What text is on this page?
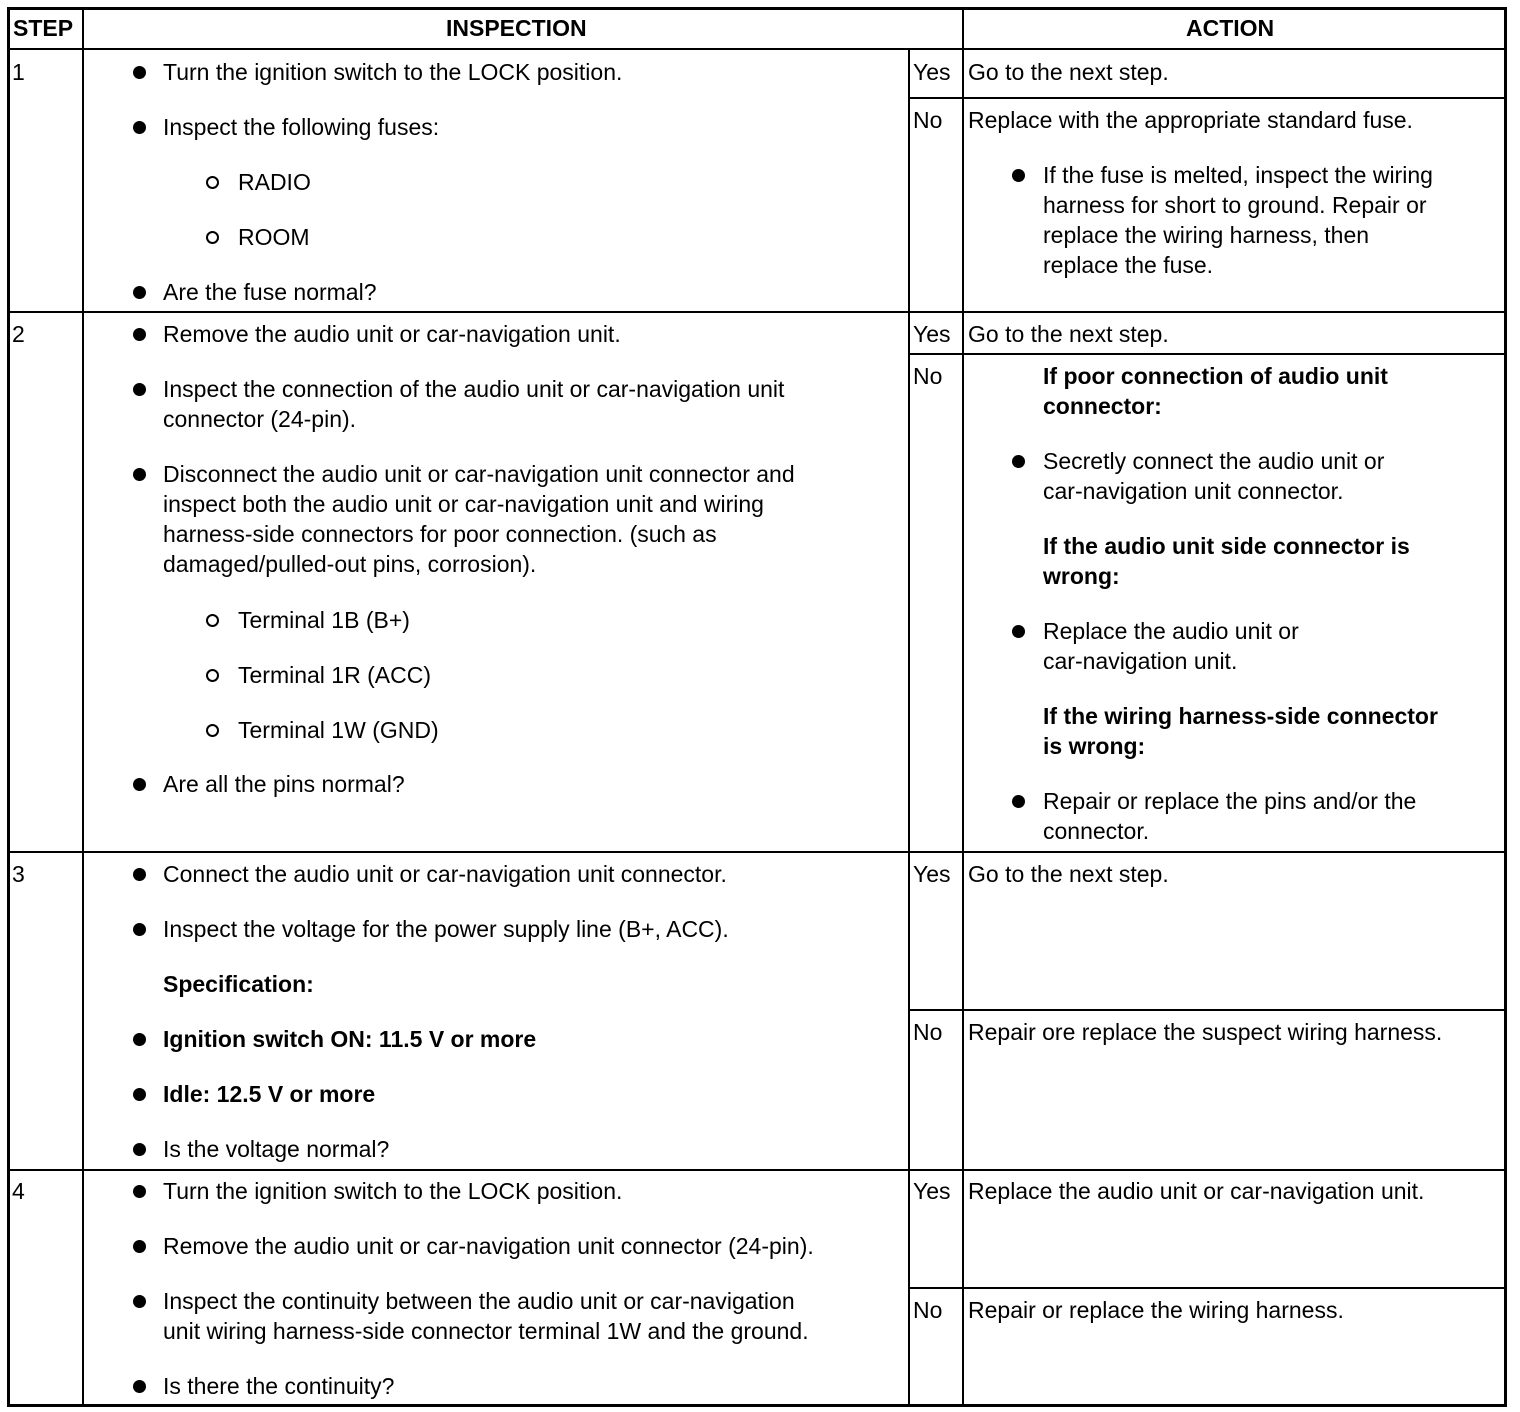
STEP	INSPECTION	ACTION
1	Turn the ignition switch to the LOCK position.
Inspect the following fuses:
RADIO
ROOM
Are the fuse normal?
Yes Go to the next step.
No Replace with the appropriate standard fuse.
If the fuse is melted, inspect the wiring
harness for short to ground. Repair or
replace the wiring harness, then
replace the fuse.
2	Remove the audio unit or car-navigation unit.
Inspect the connection of the audio unit or car-navigation unit
connector (24-pin).
Disconnect the audio unit or car-navigation unit connector and
inspect both the audio unit or car-navigation unit and wiring
harness-side connectors for poor connection. (such as
damaged/pulled-out pins, corrosion).
Terminal 1B (B+)
Terminal 1R (ACC)
Terminal 1W (GND)
Are all the pins normal?
Yes Go to the next step.
No	If poor connection of audio unit
connector:
Secretly connect the audio unit or
car-navigation unit connector.
If the audio unit side connector is
wrong:
Replace the audio unit or
car-navigation unit.
If the wiring harness-side connector
is wrong:
Repair or replace the pins and/or the
connector.
3	Connect the audio unit or car-navigation unit connector.
Inspect the voltage for the power supply line (B+, ACC).
Specification:
Ignition switch ON: 11.5 V or more
Idle: 12.5 V or more
Is the voltage normal?
Yes Go to the next step.
No Repair ore replace the suspect wiring harness.
4	Turn the ignition switch to the LOCK position.
Remove the audio unit or car-navigation unit connector (24-pin).
Inspect the continuity between the audio unit or car-navigation
unit wiring harness-side connector terminal 1W and the ground.
Is there the continuity?
Yes Replace the audio unit or car-navigation unit.
No Repair or replace the wiring harness.
